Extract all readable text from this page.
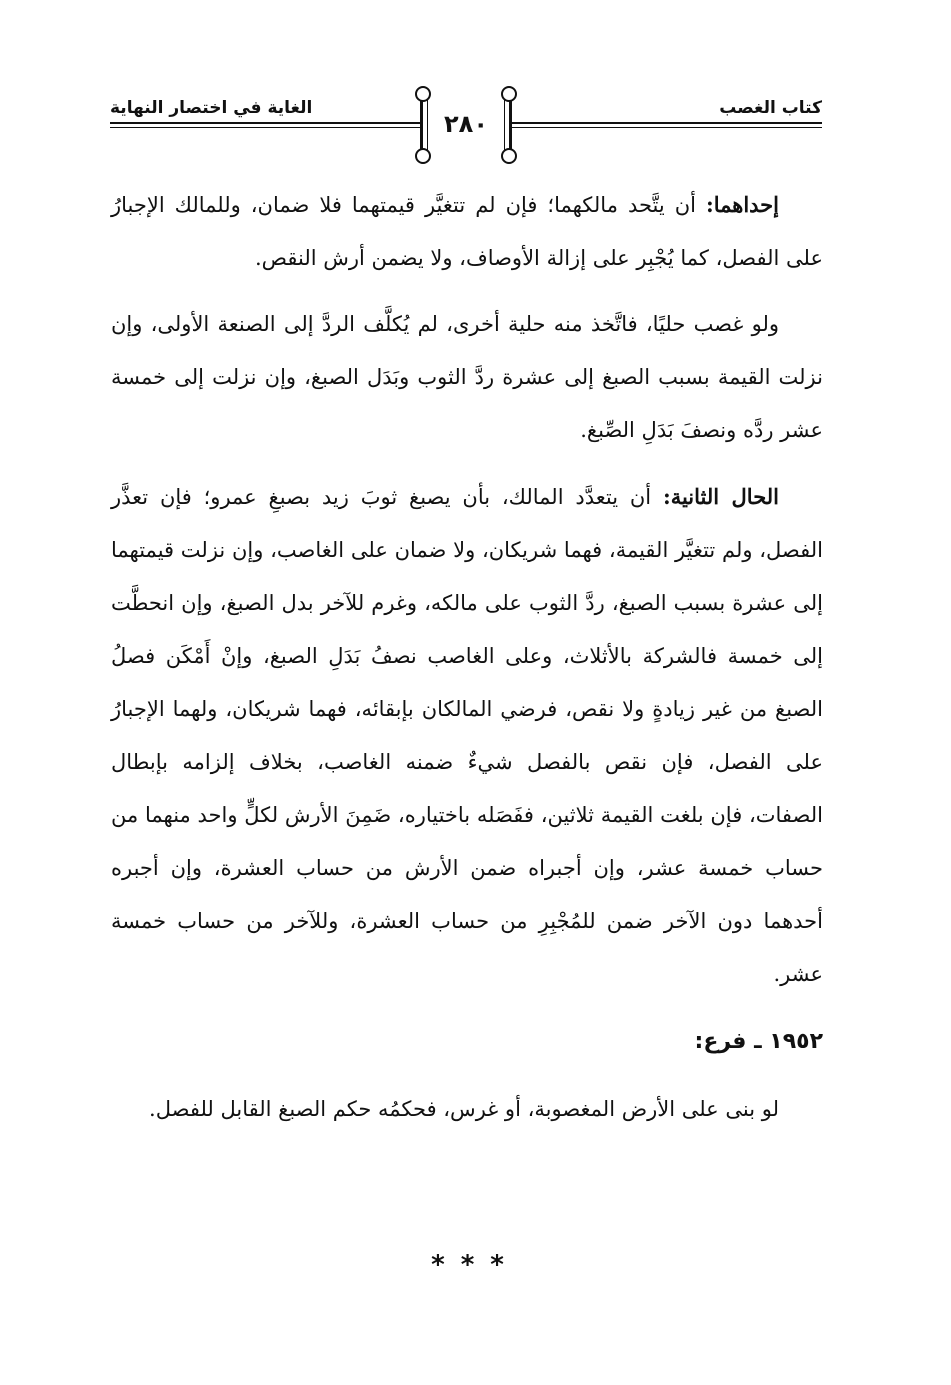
كتاب الغصب
الغاية في اختصار النهاية
٢٨٠

إحداهما: أن يتَّحد مالكهما؛ فإن لم تتغيَّر قيمتهما فلا ضمان، وللمالك الإجبارُ على الفصل، كما يُجْبِر على إزالة الأوصاف، ولا يضمن أرش النقص.

ولو غصب حليًا، فاتَّخذ منه حلية أخرى، لم يُكلَّف الردَّ إلى الصنعة الأولى، وإن نزلت القيمة بسبب الصبغ إلى عشرة ردَّ الثوب وبَدَل الصبغ، وإن نزلت إلى خمسة عشر ردَّه ونصفَ بَدَلِ الصِّبغ.

الحال الثانية: أن يتعدَّد المالك، بأن يصبغ ثوبَ زيد بصبغِ عمرو؛ فإن تعذَّر الفصل، ولم تتغيَّر القيمة، فهما شريكان، ولا ضمان على الغاصب، وإن نزلت قيمتهما إلى عشرة بسبب الصبغ، ردَّ الثوب على مالكه، وغرم للآخر بدل الصبغ، وإن انحطَّت إلى خمسة فالشركة بالأثلاث، وعلى الغاصب نصفُ بَدَلِ الصبغ، وإنْ أَمْكَن فصلُ الصبغ من غير زيادةٍ ولا نقص، فرضي المالكان بإبقائه، فهما شريكان، ولهما الإجبارُ على الفصل، فإن نقص بالفصل شيءٌ ضمنه الغاصب، بخلاف إلزامه بإبطال الصفات، فإن بلغت القيمة ثلاثين، ففَصَله باختياره، ضَمِنَ الأرش لكلٍّ واحد منهما من حساب خمسة عشر، وإن أجبراه ضمن الأرش من حساب العشرة، وإن أجبره أحدهما دون الآخر ضمن للمُجْبِرِ من حساب العشرة، وللآخر من حساب خمسة عشر.

١٩٥٢ ـ فرع:

لو بنى على الأرض المغصوبة، أو غرس، فحكمُه حكم الصبغ القابل للفصل.

***
